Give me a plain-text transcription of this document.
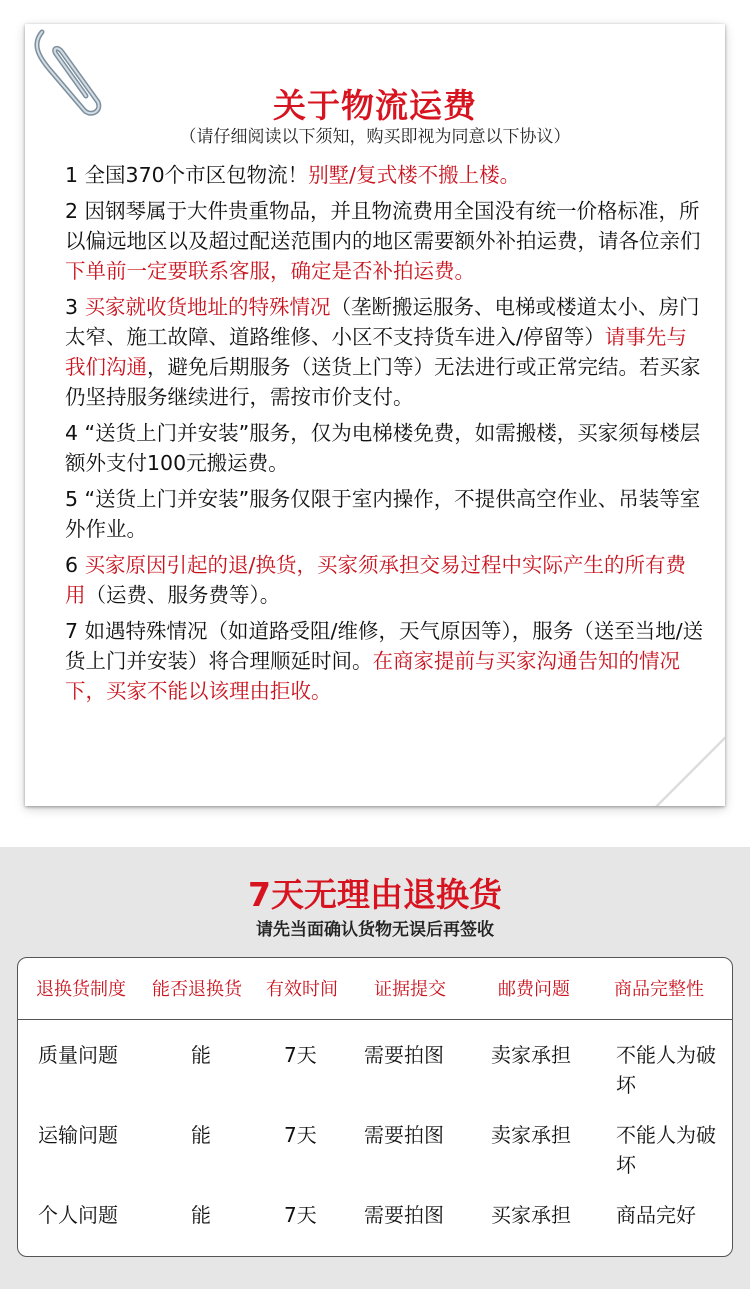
关于物流运费
（请仔细阅读以下须知，购买即视为同意以下协议）

1 全国370个市区包物流！别墅/复式楼不搬上楼。

2 因钢琴属于大件贵重物品，并且物流费用全国没有统一价格标准，所以偏远地区以及超过配送范围内的地区需要额外补拍运费，请各位亲们下单前一定要联系客服，确定是否补拍运费。

3 买家就收货地址的特殊情况（垄断搬运服务、电梯或楼道太小、房门太窄、施工故障、道路维修、小区不支持货车进入/停留等）请事先与我们沟通，避免后期服务（送货上门等）无法进行或正常完结。若买家仍坚持服务继续进行，需按市价支付。

4 “送货上门并安装”服务，仅为电梯楼免费，如需搬楼，买家须每楼层额外支付100元搬运费。

5 “送货上门并安装”服务仅限于室内操作，不提供高空作业、吊装等室外作业。

6 买家原因引起的退/换货，买家须承担交易过程中实际产生的所有费用（运费、服务费等）。

7 如遇特殊情况（如道路受阻/维修，天气原因等），服务（送至当地/送货上门并安装）将合理顺延时间。在商家提前与买家沟通告知的情况下，买家不能以该理由拒收。

7天无理由退换货
请先当面确认货物无误后再签收
退换货制度 能否退换货 有效时间 证据提交	邮费问题 商品完整性
质量问题	能	7天 需要拍图 卖家承担 不能人为破坏
运输问题	能	7天 需要拍图 卖家承担 不能人为破坏
个人问题	能	7天 需要拍图 买家承担 商品完好
